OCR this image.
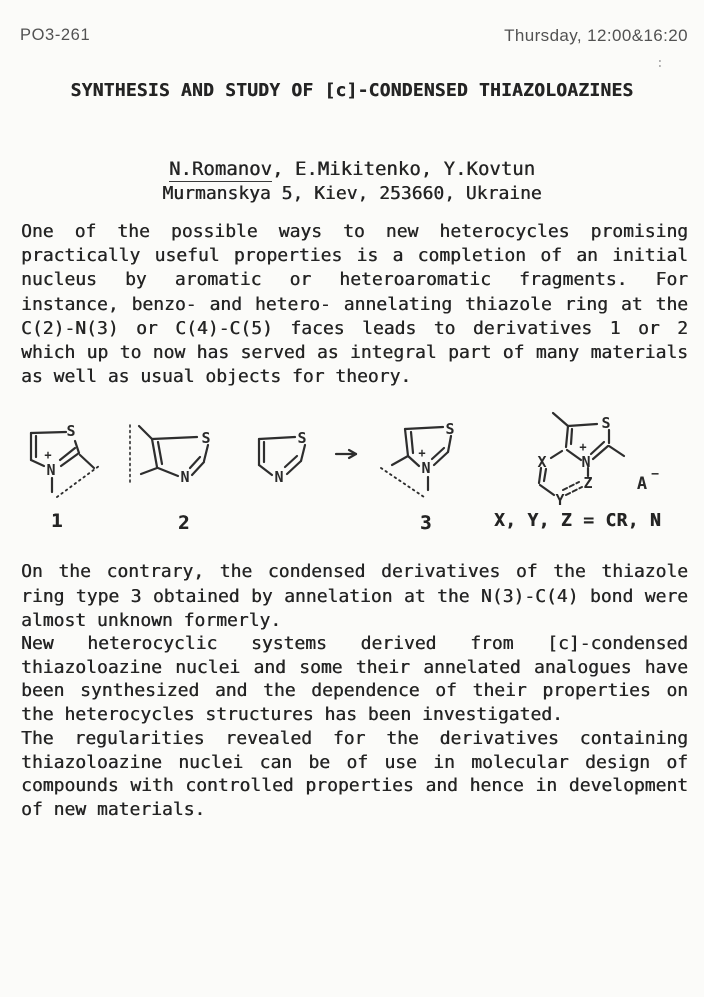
PO3-261	Thursday, 12:00&16:20
:
SYNTHESIS AND STUDY OF [c]-CONDENSED THIAZOLOAZINES
N.Romanov, E.Mikitenko, Y.Kovtun
Murmanskya 5, Kiev, 253660, Ukraine
One of the possible ways to new heterocycles promising
practically useful properties is a completion of an initial
nucleus by aromatic or heteroaromatic fragments. For
instance, benzo- and hetero- annelating thiazole ring at the
C(2)-N(3) or C(4)-C(5) faces leads to derivatives 1 or 2
which up to now has served as integral part of many materials
as well as usual objects for theory.
S
N
+
S
N
S
N
S
N
+
S
N
+
X
Y
Z	A −
1	2	3	X, Y, Z = CR, N
On the contrary, the condensed derivatives of the thiazole
ring type 3 obtained by annelation at the N(3)-C(4) bond were
almost unknown formerly.
New heterocyclic systems derived from [c]-condensed
thiazoloazine nuclei and some their annelated analogues have
been synthesized and the dependence of their properties on
the heterocycles structures has been investigated.
The regularities revealed for the derivatives containing
thiazoloazine nuclei can be of use in molecular design of
compounds with controlled properties and hence in development
of new materials.
